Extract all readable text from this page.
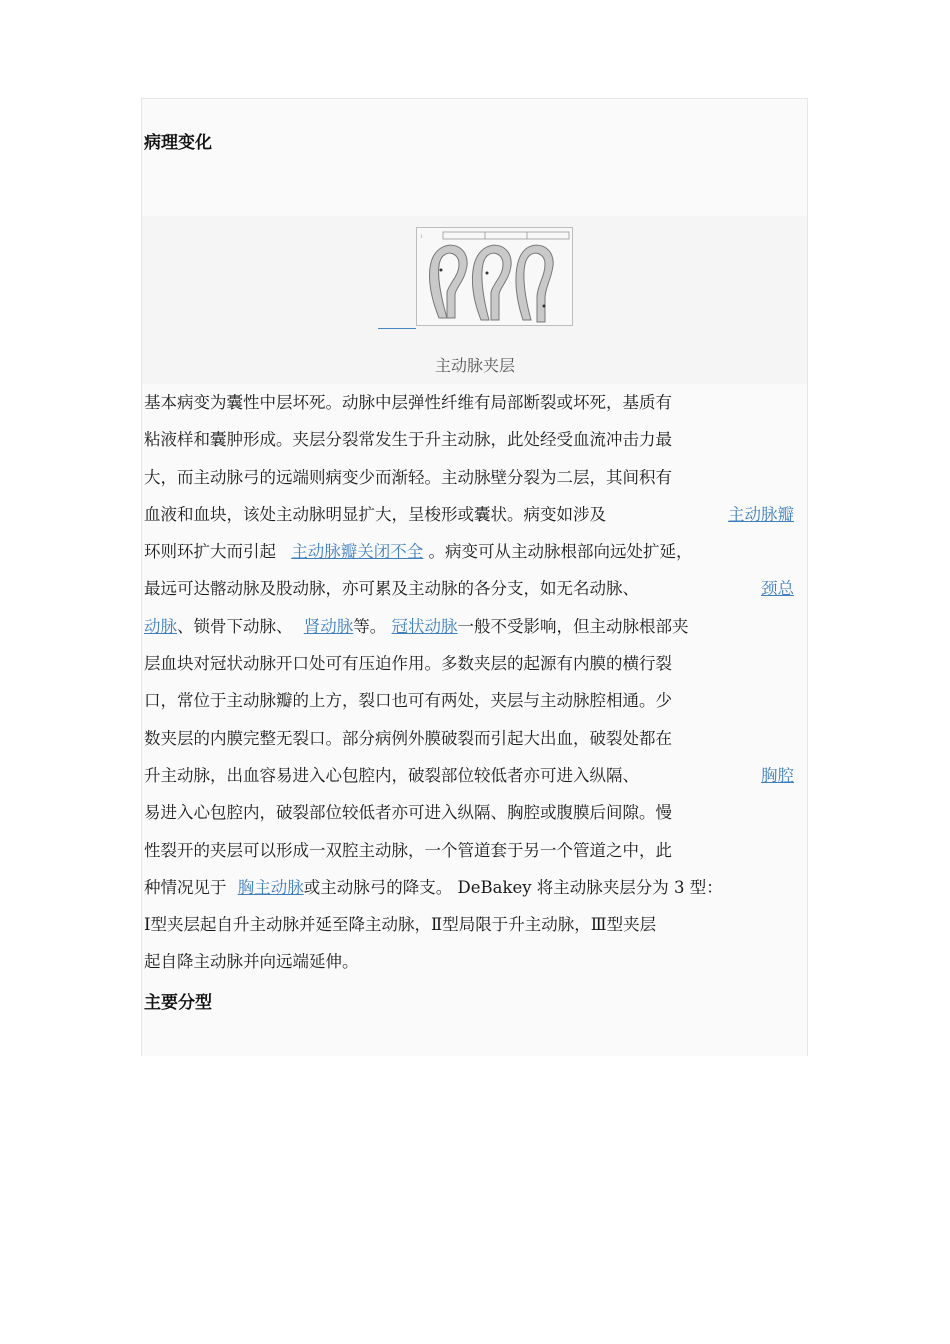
病理变化
I
主动脉夹层
基本病变为囊性中层坏死。动脉中层弹性纤维有局部断裂或坏死，基质有
粘液样和囊肿形成。夹层分裂常发生于升主动脉，此处经受血流冲击力最
大，而主动脉弓的远端则病变少而渐轻。主动脉壁分裂为二层，其间积有
血液和血块，该处主动脉明显扩大，呈梭形或囊状。病变如涉及	主动脉瓣
环则环扩大而引起 主动脉瓣关闭不全 。病变可从主动脉根部向远处扩延，
最远可达髂动脉及股动脉，亦可累及主动脉的各分支，如无名动脉、	颈总
动脉、锁骨下动脉、 肾动脉等。 冠状动脉一般不受影响，但主动脉根部夹
层血块对冠状动脉开口处可有压迫作用。多数夹层的起源有内膜的横行裂
口，常位于主动脉瓣的上方，裂口也可有两处，夹层与主动脉腔相通。少
数夹层的内膜完整无裂口。部分病例外膜破裂而引起大出血，破裂处都在
升主动脉，出血容易进入心包腔内，破裂部位较低者亦可进入纵隔、	胸腔
易进入心包腔内，破裂部位较低者亦可进入纵隔、胸腔或腹膜后间隙。慢
性裂开的夹层可以形成一双腔主动脉，一个管道套于另一个管道之中，此
种情况见于 胸主动脉或主动脉弓的降支。 DeBakey 将主动脉夹层分为 3 型：
Ⅰ型夹层起自升主动脉并延至降主动脉，Ⅱ型局限于升主动脉，Ⅲ型夹层
起自降主动脉并向远端延伸。
主要分型
